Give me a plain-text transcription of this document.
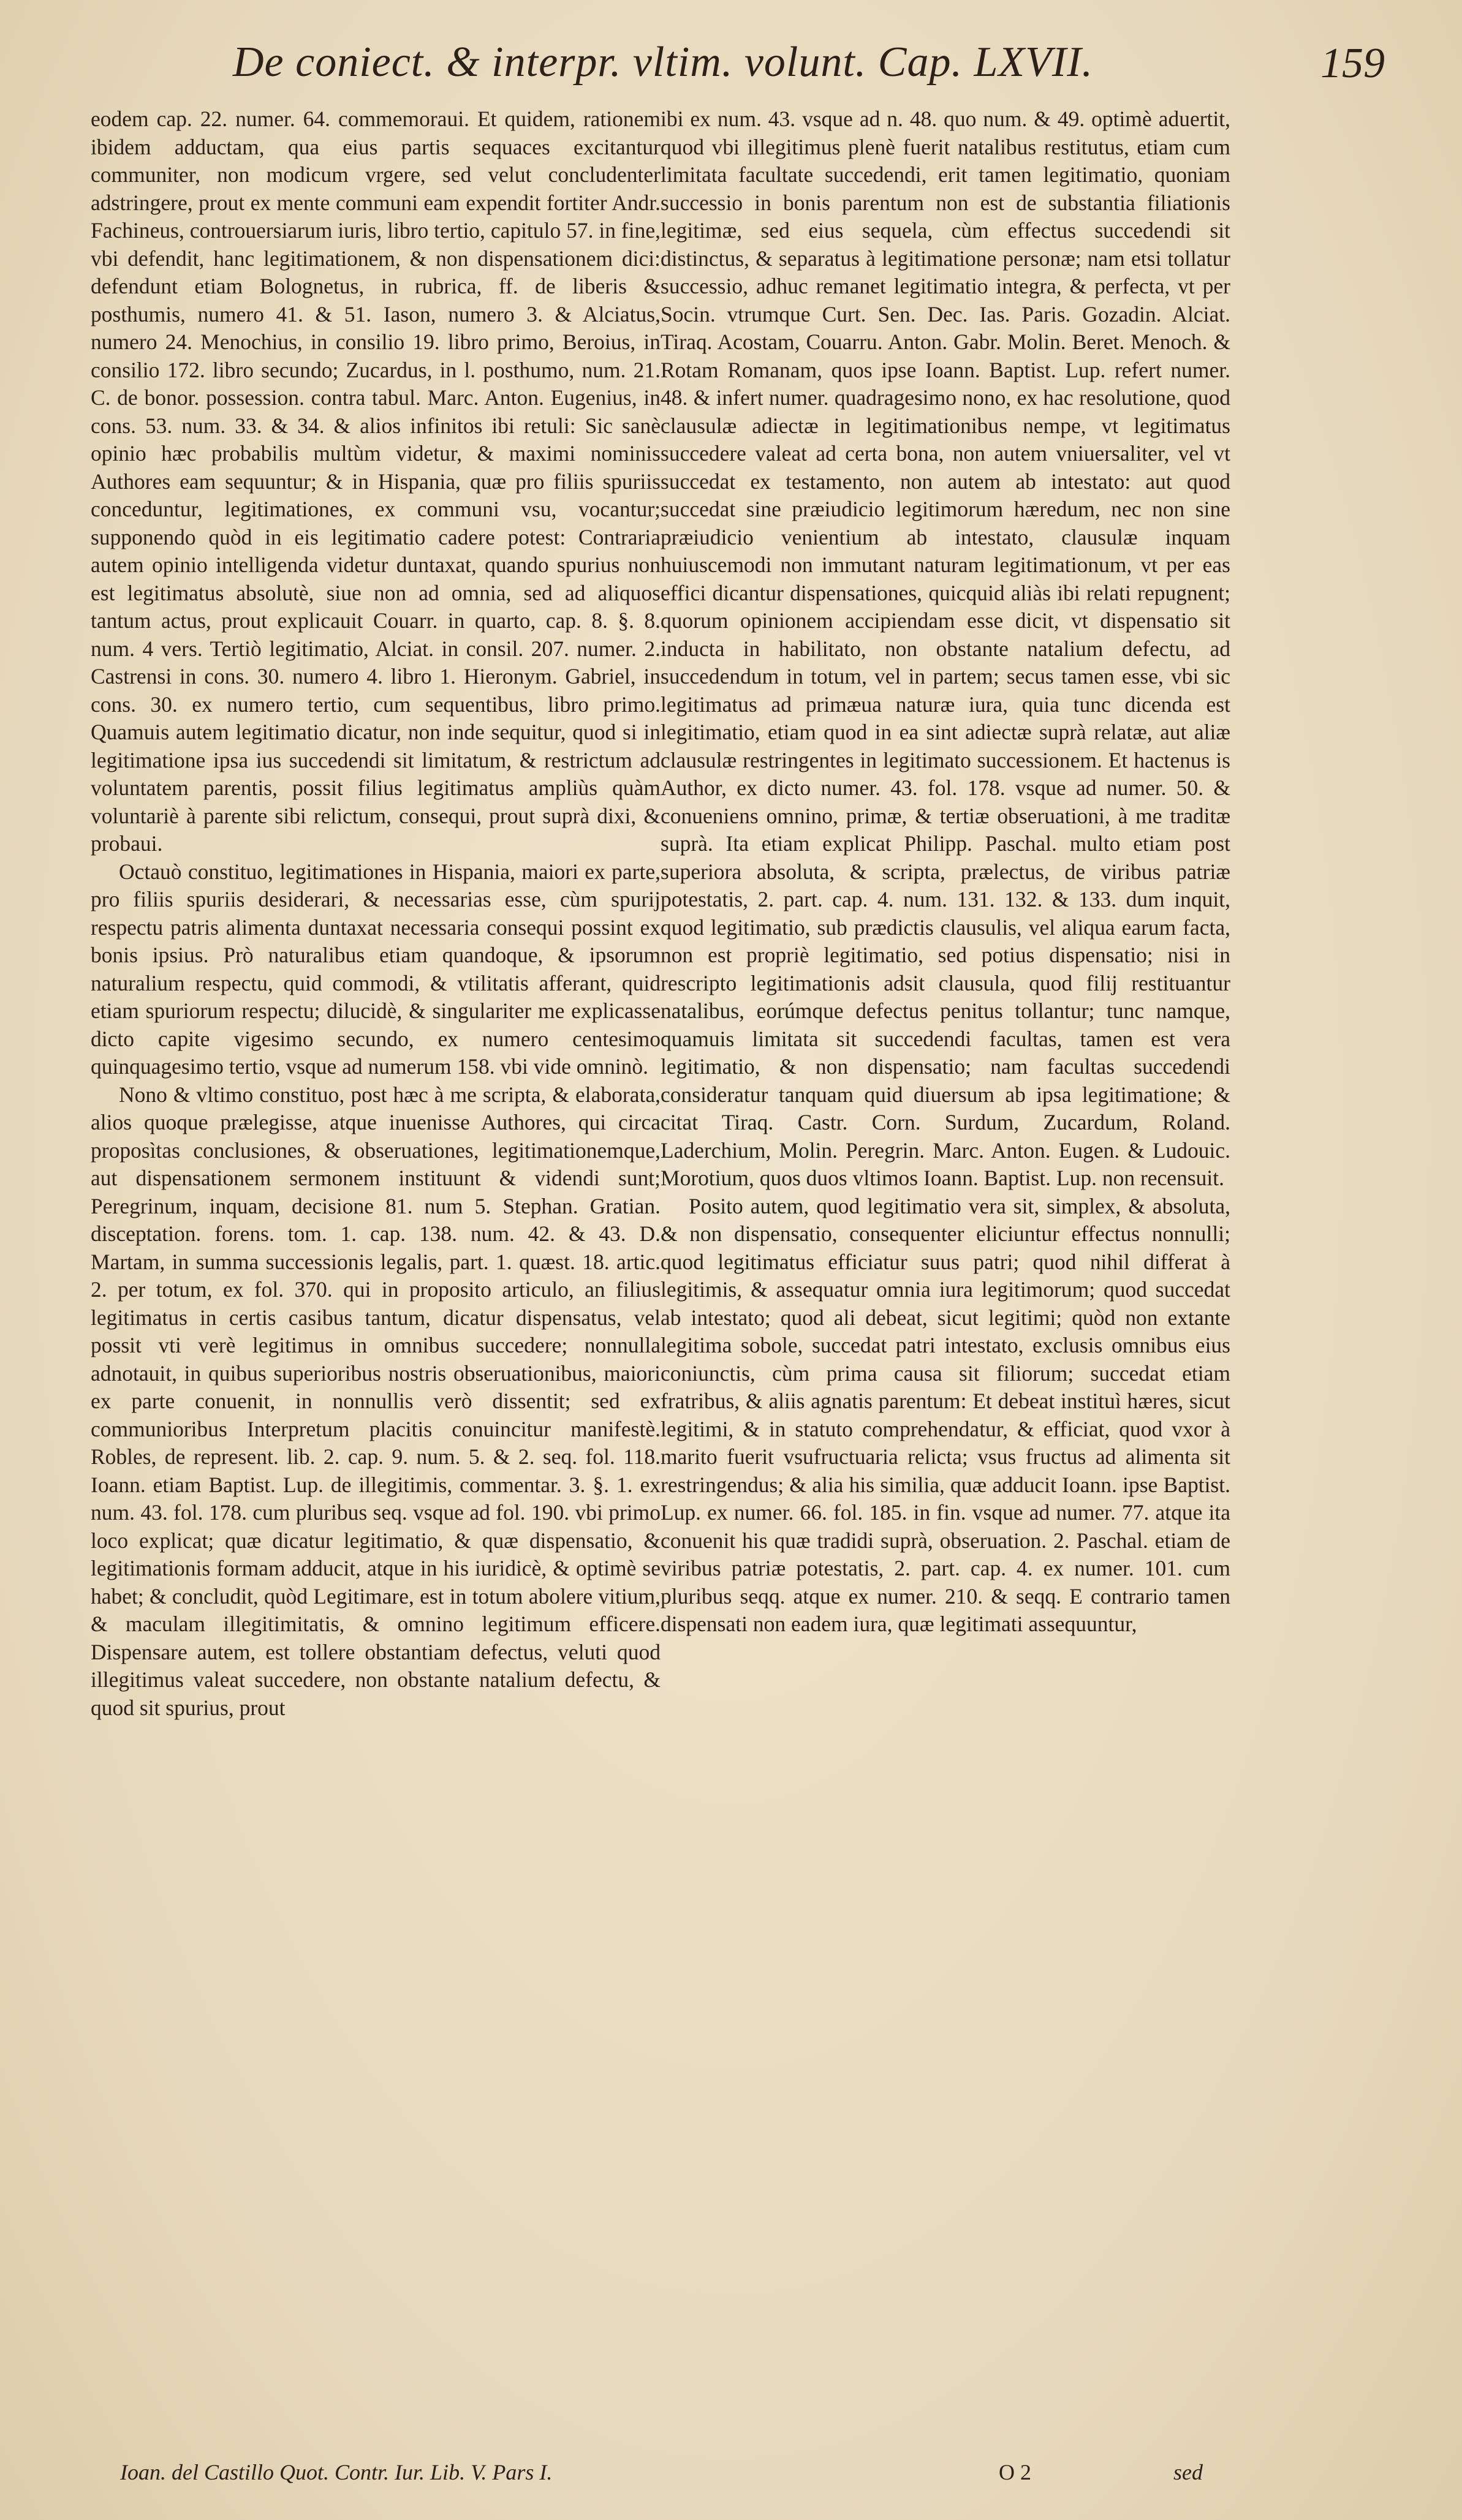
De coniect. & interpr. vltim. volunt. Cap. LXVII.	159

eodem cap. 22. numer. 64. commemoraui. Et quidem, rationem ibidem adductam, qua eius partis sequaces excitantur communiter, non modicum vrgere, sed velut concludenter adstringere, prout ex mente communi eam expendit fortiter Andr. Fachineus, controuersiarum iuris, libro tertio, capitulo 57. in fine, vbi defendit, hanc legitimationem, & non dispensationem dici: defendunt etiam Bolognetus, in rubrica, ff. de liberis & posthumis, numero 41. & 51. Iason, numero 3. & Alciatus, numero 24. Menochius, in consilio 19. libro primo, Beroius, in consilio 172. libro secundo; Zucardus, in l. posthumo, num. 21. C. de bonor. possession. contra tabul. Marc. Anton. Eugenius, in cons. 53. num. 33. & 34. & alios infinitos ibi retuli: Sic sanè opinio hæc probabilis multùm videtur, & maximi nominis Authores eam sequuntur; & in Hispania, quæ pro filiis spuriis conceduntur, legitimationes, ex communi vsu, vocantur; supponendo quòd in eis legitimatio cadere potest: Contraria autem opinio intelligenda videtur duntaxat, quando spurius non est legitimatus absolutè, siue non ad omnia, sed ad aliquos tantum actus, prout explicauit Couarr. in quarto, cap. 8. §. 8. num. 4 vers. Tertiò legitimatio, Alciat. in consil. 207. numer. 2. Castrensi in cons. 30. numero 4. libro 1. Hieronym. Gabriel, in cons. 30. ex numero tertio, cum sequentibus, libro primo. Quamuis autem legitimatio dicatur, non inde sequitur, quod si in legitimatione ipsa ius succedendi sit limitatum, & restrictum ad voluntatem parentis, possit filius legitimatus ampliùs quàm voluntariè à parente sibi relictum, consequi, prout suprà dixi, & probaui.

Octauò constituo, legitimationes in Hispania, maiori ex parte, pro filiis spuriis desiderari, & necessarias esse, cùm spurij respectu patris alimenta duntaxat necessaria consequi possint ex bonis ipsius. Prò naturalibus etiam quandoque, & ipsorum naturalium respectu, quid commodi, & vtilitatis afferant, quid etiam spuriorum respectu; dilucidè, & singulariter me explicasse dicto capite vigesimo secundo, ex numero centesimo quinquagesimo tertio, vsque ad numerum 158. vbi vide omninò.

Nono & vltimo constituo, post hæc à me scripta, & elaborata, alios quoque prælegisse, atque inuenisse Authores, qui circa proposìtas conclusiones, & obseruationes, legitimationemque, aut dispensationem sermonem instituunt & videndi sunt; Peregrinum, inquam, decisione 81. num 5. Stephan. Gratian. disceptation. forens. tom. 1. cap. 138. num. 42. & 43. D. Martam, in summa successionis legalis, part. 1. quæst. 18. artic. 2. per totum, ex fol. 370. qui in proposito articulo, an filius legitimatus in certis casibus tantum, dicatur dispensatus, vel possit vti verè legitimus in omnibus succedere; nonnulla adnotauit, in quibus superioribus nostris obseruationibus, maiori ex parte conuenit, in nonnullis verò dissentit; sed ex communioribus Interpretum placitis conuincitur manifestè. Robles, de represent. lib. 2. cap. 9. num. 5. & 2. seq. fol. 118. Ioann. etiam Baptist. Lup. de illegitimis, commentar. 3. §. 1. ex num. 43. fol. 178. cum pluribus seq. vsque ad fol. 190. vbi primo loco explicat; quæ dicatur legitimatio, & quæ dispensatio, & legitimationis formam adducit, atque in his iuridicè, & optimè se habet; & concludit, quòd Legitimare, est in totum abolere vitium, & maculam illegitimitatis, & omnino legitimum efficere. Dispensare autem, est tollere obstantiam defectus, veluti quod illegitimus valeat succedere, non obstante natalium defectu, & quod sit spurius, prout

ibi ex num. 43. vsque ad n. 48. quo num. & 49. optimè aduertit, quod vbi illegitimus plenè fuerit natalibus restitutus, etiam cum limitata facultate succedendi, erit tamen legitimatio, quoniam successio in bonis parentum non est de substantia filiationis legitimæ, sed eius sequela, cùm effectus succedendi sit distinctus, & separatus à legitimatione personæ; nam etsi tollatur successio, adhuc remanet legitimatio integra, & perfecta, vt per Socin. vtrumque Curt. Sen. Dec. Ias. Paris. Gozadin. Alciat. Tiraq. Acostam, Couarru. Anton. Gabr. Molin. Beret. Menoch. & Rotam Romanam, quos ipse Ioann. Baptist. Lup. refert numer. 48. & infert numer. quadragesimo nono, ex hac resolutione, quod clausulæ adiectæ in legitimationibus nempe, vt legitimatus succedere valeat ad certa bona, non autem vniuersaliter, vel vt succedat ex testamento, non autem ab intestato: aut quod succedat sine præiudicio legitimorum hæredum, nec non sine præiudicio venientium ab intestato, clausulæ inquam huiuscemodi non immutant naturam legitimationum, vt per eas effici dicantur dispensationes, quicquid aliàs ibi relati repugnent; quorum opinionem accipiendam esse dicit, vt dispensatio sit inducta in habilitato, non obstante natalium defectu, ad succedendum in totum, vel in partem; secus tamen esse, vbi sic legitimatus ad primæua naturæ iura, quia tunc dicenda est legitimatio, etiam quod in ea sint adiectæ suprà relatæ, aut aliæ clausulæ restringentes in legitimato successionem. Et hactenus is Author, ex dicto numer. 43. fol. 178. vsque ad numer. 50. & conueniens omnino, primæ, & tertiæ obseruationi, à me traditæ suprà. Ita etiam explicat Philipp. Paschal. multo etiam post superiora absoluta, & scripta, prælectus, de viribus patriæ potestatis, 2. part. cap. 4. num. 131. 132. & 133. dum inquit, quod legitimatio, sub prædictis clausulis, vel aliqua earum facta, non est propriè legitimatio, sed potius dispensatio; nisi in rescripto legitimationis adsit clausula, quod filij restituantur natalibus, eorúmque defectus penitus tollantur; tunc namque, quamuis limitata sit succedendi facultas, tamen est vera legitimatio, & non dispensatio; nam facultas succedendi consideratur tanquam quid diuersum ab ipsa legitimatione; & citat Tiraq. Castr. Corn. Surdum, Zucardum, Roland. Laderchium, Molin. Peregrin. Marc. Anton. Eugen. & Ludouic. Morotium, quos duos vltimos Ioann. Baptist. Lup. non recensuit.

Posito autem, quod legitimatio vera sit, simplex, & absoluta, & non dispensatio, consequenter eliciuntur effectus nonnulli; quod legitimatus efficiatur suus patri; quod nihil differat à legitimis, & assequatur omnia iura legitimorum; quod succedat ab intestato; quod ali debeat, sicut legitimi; quòd non extante legitima sobole, succedat patri intestato, exclusis omnibus eius coniunctis, cùm prima causa sit filiorum; succedat etiam fratribus, & aliis agnatis parentum: Et debeat instituì hæres, sicut legitimi, & in statuto comprehendatur, & efficiat, quod vxor à marito fuerit vsufructuaria relicta; vsus fructus ad alimenta sit restringendus; & alia his similia, quæ adducit Ioann. ipse Baptist. Lup. ex numer. 66. fol. 185. in fin. vsque ad numer. 77. atque ita conuenit his quæ tradidi suprà, obseruation. 2. Paschal. etiam de viribus patriæ potestatis, 2. part. cap. 4. ex numer. 101. cum pluribus seqq. atque ex numer. 210. & seqq. E contrario tamen dispensati non eadem iura, quæ legitimati assequuntur,

Ioan. del Castillo Quot. Contr. Iur. Lib. V. Pars I.	O 2	sed
